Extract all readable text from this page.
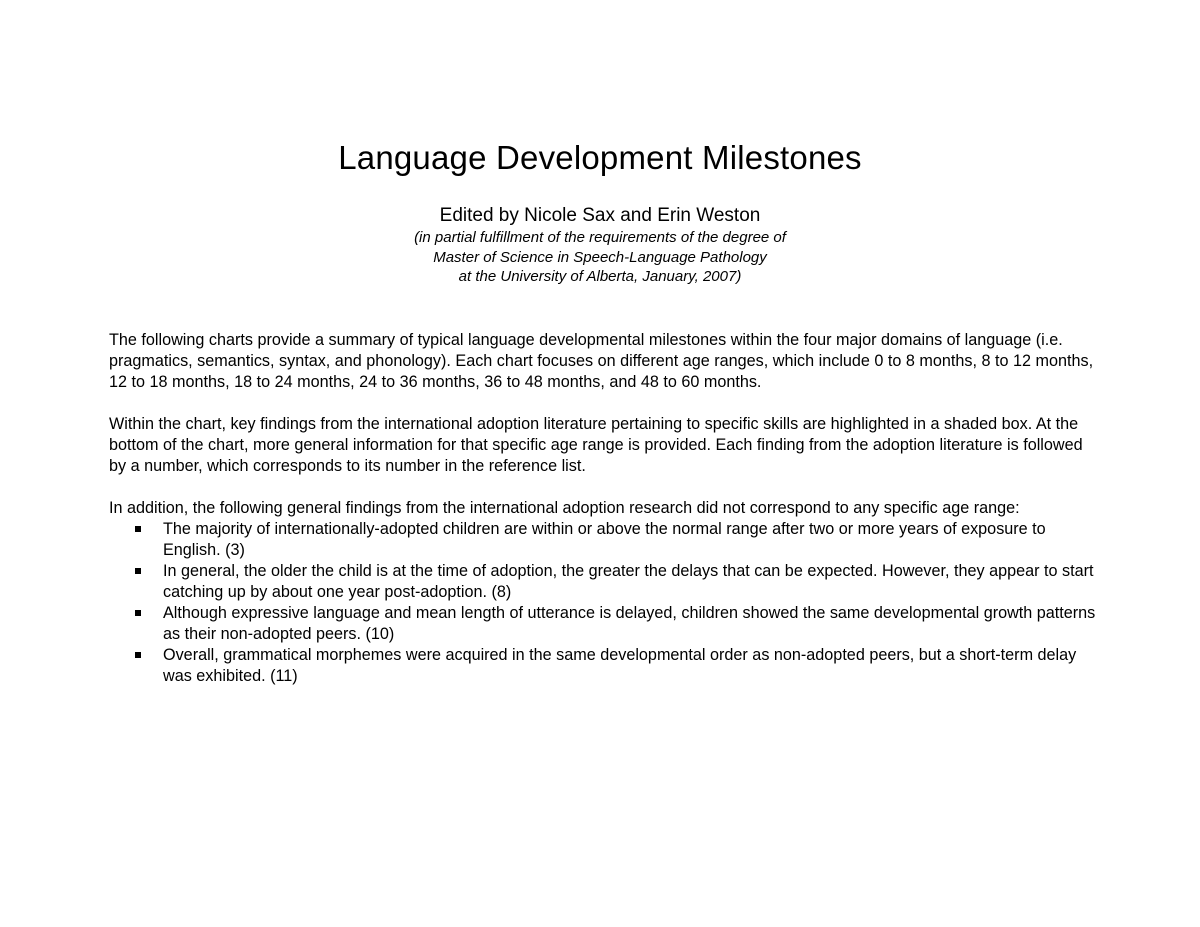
Language Development Milestones
Edited by Nicole Sax and Erin Weston
(in partial fulfillment of the requirements of the degree of
Master of Science in Speech-Language Pathology
at the University of Alberta, January, 2007)

The following charts provide a summary of typical language developmental milestones within the four major domains of language (i.e. pragmatics, semantics, syntax, and phonology). Each chart focuses on different age ranges, which include 0 to 8 months, 8 to 12 months, 12 to 18 months, 18 to 24 months, 24 to 36 months, 36 to 48 months, and 48 to 60 months.

Within the chart, key findings from the international adoption literature pertaining to specific skills are highlighted in a shaded box. At the bottom of the chart, more general information for that specific age range is provided. Each finding from the adoption literature is followed by a number, which corresponds to its number in the reference list.

In addition, the following general findings from the international adoption research did not correspond to any specific age range:

The majority of internationally-adopted children are within or above the normal range after two or more years of exposure to English. (3)
In general, the older the child is at the time of adoption, the greater the delays that can be expected. However, they appear to start catching up by about one year post-adoption. (8)
Although expressive language and mean length of utterance is delayed, children showed the same developmental growth patterns as their non-adopted peers. (10)
Overall, grammatical morphemes were acquired in the same developmental order as non-adopted peers, but a short-term delay was exhibited. (11)
